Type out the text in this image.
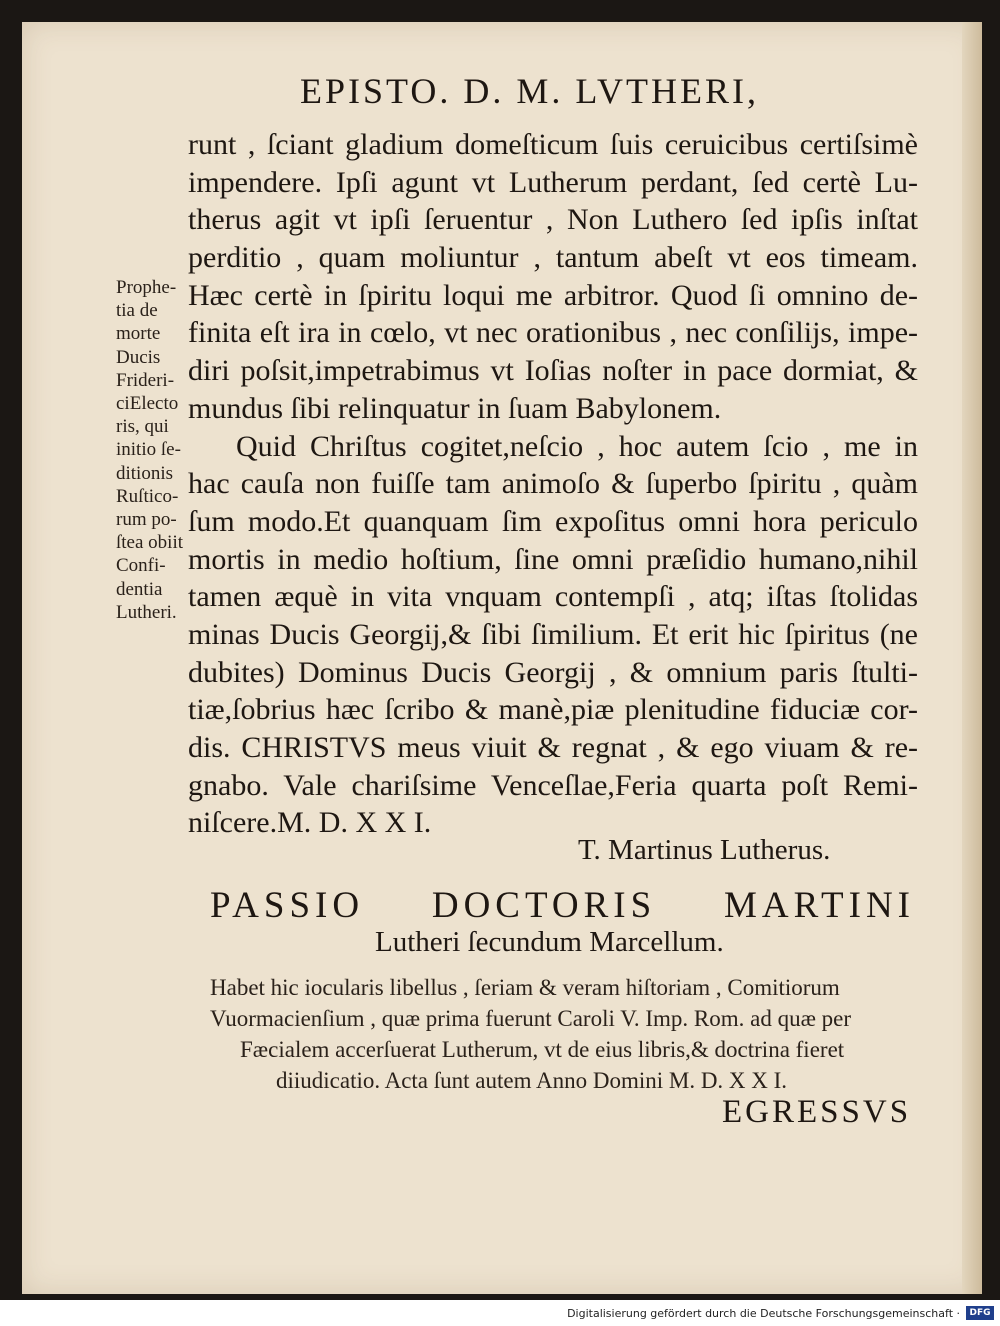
EPISTO. D. M. LVTHERI,
runt , ſciant gladium domeſticum ſuis ceruicibus certiſsimè
impendere. Ipſi agunt vt Lutherum perdant, ſed certè Lu-
therus agit vt ipſi ſeruentur , Non Luthero ſed ipſis inſtat
perditio , quam moliuntur , tantum abeſt vt eos timeam.
Hæc certè in ſpiritu loqui me arbitror. Quod ſi omnino de-
finita eſt ira in cœlo, vt nec orationibus , nec conſilijs, impe-
diri poſsit,impetrabimus vt Ioſias noſter in pace dormiat, &
mundus ſibi relinquatur in ſuam Babylonem.
Quid Chriſtus cogitet,neſcio , hoc autem ſcio , me in
hac cauſa non fuiſſe tam animoſo & ſuperbo ſpiritu , quàm
ſum modo.Et quanquam ſim expoſitus omni hora periculo
mortis in medio hoſtium, ſine omni præſidio humano,nihil
tamen æquè in vita vnquam contempſi , atq; iſtas ſtolidas
minas Ducis Georgij,& ſibi ſimilium. Et erit hic ſpiritus (ne
dubites) Dominus Ducis Georgij , & omnium paris ſtulti-
tiæ,ſobrius hæc ſcribo & manè,piæ plenitudine fiduciæ cor-
dis. CHRISTVS meus viuit & regnat , & ego viuam & re-
gnabo. Vale chariſsime Venceſlae,Feria quarta poſt Remi-
niſcere.M. D. X X I.
Prophe-
tia de
morte
Ducis
Frideri-
ciElecto
ris, qui
initio ſe-
ditionis
Ruſtico-
rum po-
ſtea obiit
Confi-
dentia
Lutheri.
T. Martinus Lutherus.
PASSIO DOCTORIS MARTINI
Lutheri ſecundum Marcellum.
Habet hic iocularis libellus , ſeriam & veram hiſtoriam , Comitiorum
Vuormacienſium , quæ prima fuerunt Caroli V. Imp. Rom. ad quæ per
Fæcialem accerſuerat Lutherum, vt de eius libris,& doctrina fieret
diiudicatio. Acta ſunt autem Anno Domini M. D. X X I.
EGRESSVS
Digitalisierung gefördert durch die Deutsche Forschungsgemeinschaft ·	DFG
